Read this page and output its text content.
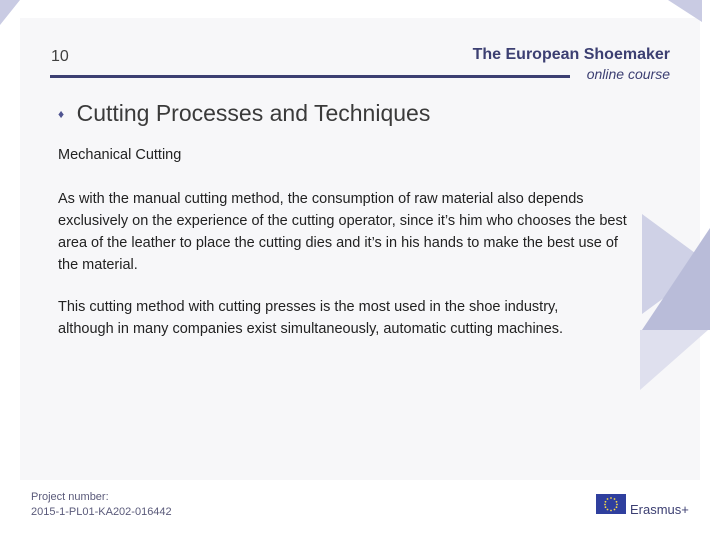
10	The European Shoemaker
online course
♦ Cutting Processes and Techniques
Mechanical Cutting
As with the manual cutting method, the consumption of raw material also depends exclusively on the experience of the cutting operator, since it’s him who chooses the best area of the leather to place the cutting dies and it’s in his hands to make the best use of the material.
This cutting method with cutting presses is the most used in the shoe industry, although in many companies exist simultaneously, automatic cutting machines.
Project number:
2015-1-PL01-KA202-016442	Erasmus+
